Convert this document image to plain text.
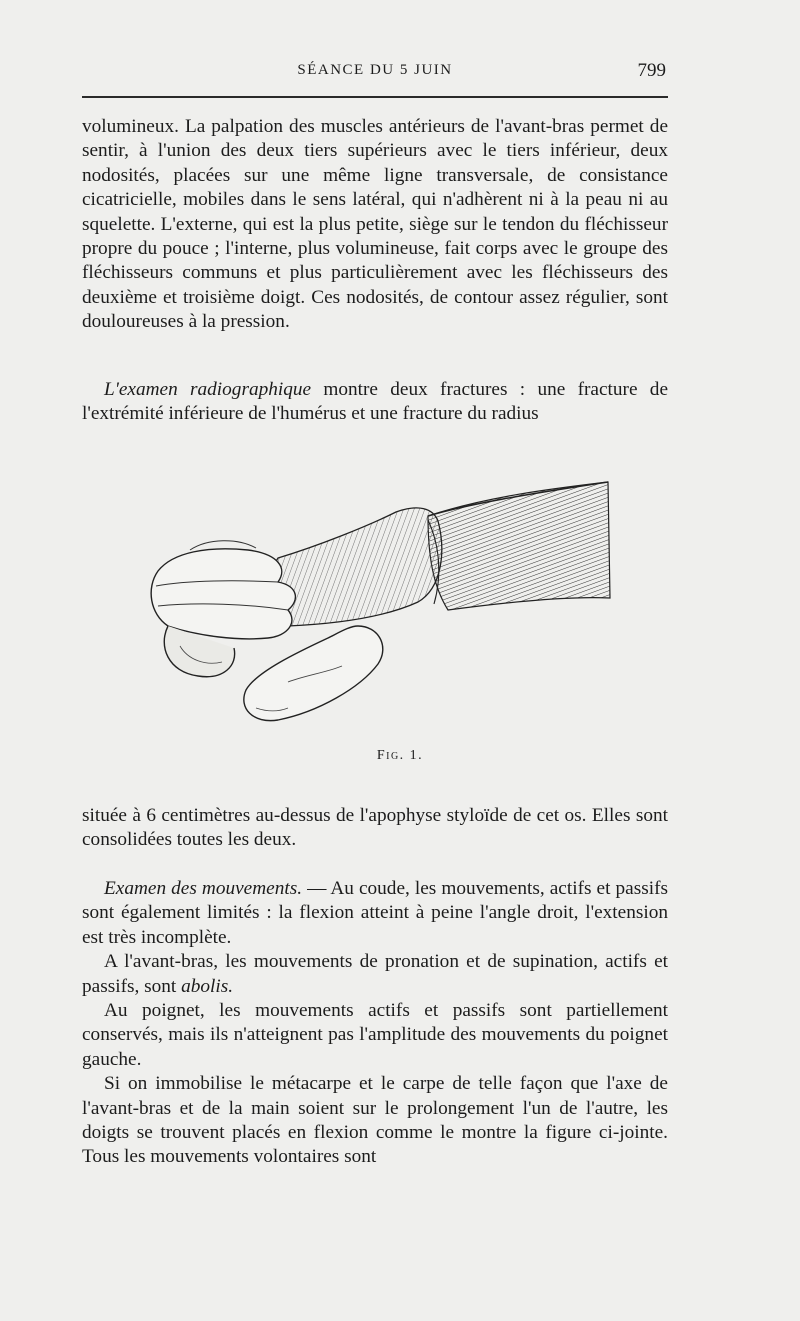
SÉANCE DU 5 JUIN	799

volumineux. La palpation des muscles antérieurs de l'avant-bras permet de sentir, à l'union des deux tiers supérieurs avec le tiers inférieur, deux nodosités, placées sur une même ligne transversale, de consistance cicatricielle, mobiles dans le sens latéral, qui n'adhèrent ni à la peau ni au squelette. L'externe, qui est la plus petite, siège sur le tendon du fléchisseur propre du pouce ; l'interne, plus volumineuse, fait corps avec le groupe des fléchisseurs communs et plus particulièrement avec les fléchisseurs des deuxième et troisième doigt. Ces nodosités, de contour assez régulier, sont douloureuses à la pression.

L'examen radiographique montre deux fractures : une fracture de l'extrémité inférieure de l'humérus et une fracture du radius

Fig. 1.

située à 6 centimètres au-dessus de l'apophyse styloïde de cet os. Elles sont consolidées toutes les deux.

Examen des mouvements. — Au coude, les mouvements, actifs et passifs sont également limités : la flexion atteint à peine l'angle droit, l'extension est très incomplète.

A l'avant-bras, les mouvements de pronation et de supination, actifs et passifs, sont abolis.

Au poignet, les mouvements actifs et passifs sont partiellement conservés, mais ils n'atteignent pas l'amplitude des mouvements du poignet gauche.

Si on immobilise le métacarpe et le carpe de telle façon que l'axe de l'avant-bras et de la main soient sur le prolongement l'un de l'autre, les doigts se trouvent placés en flexion comme le montre la figure ci-jointe. Tous les mouvements volontaires sont
